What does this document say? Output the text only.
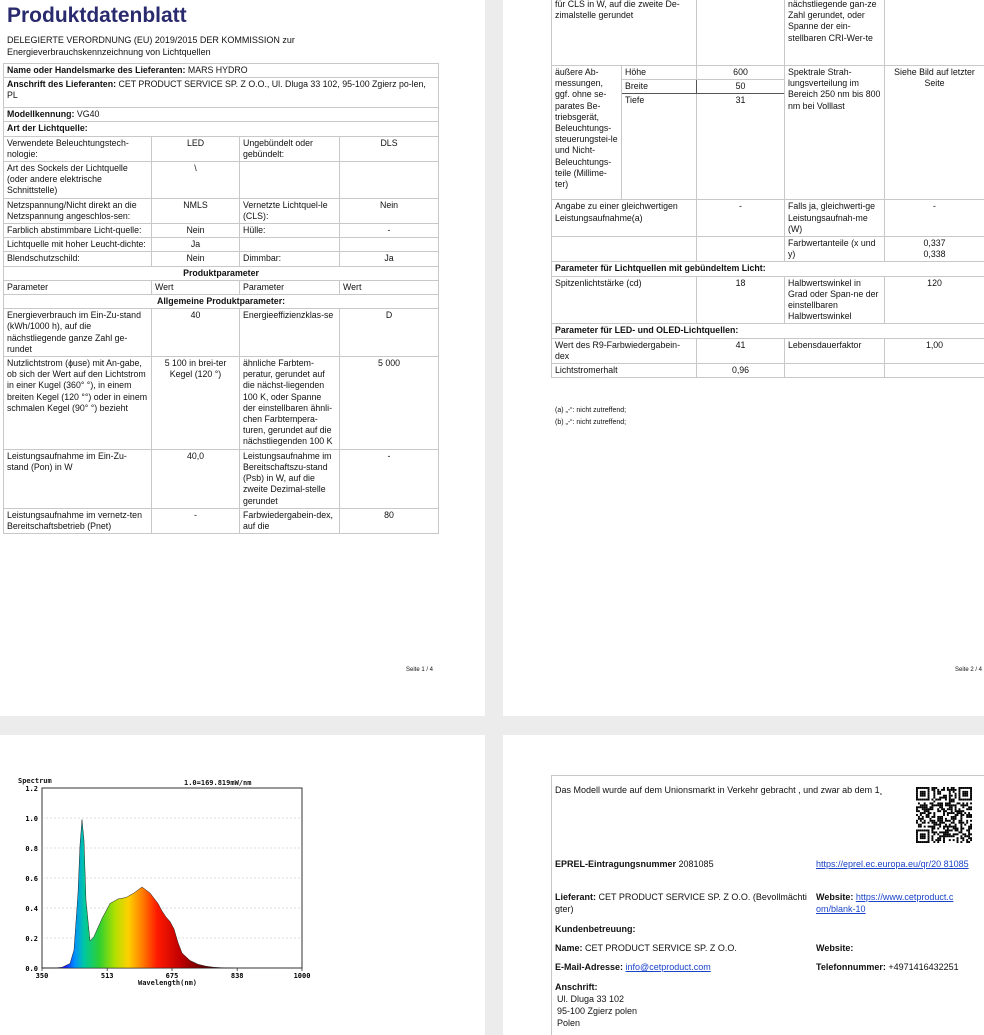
Produktdatenblatt
DELEGIERTE VERORDNUNG (EU) 2019/2015 DER KOMMISSION zur Energieverbrauchskennzeichnung von Lichtquellen
Name oder Handelsmarke des Lieferanten: MARS HYDRO			
Anschrift des Lieferanten: CET PRODUCT SERVICE SP. Z O.O., Ul. Dluga 33 102, 95-100 Zgierz po-len, PL			
Modellkennung: VG40			
Art der Lichtquelle:			
Verwendete Beleuchtungstech-nologie:	LED	Ungebündelt oder gebündelt:	DLS
Art des Sockels der Lichtquelle (oder andere elektrische Schnittstelle)	\		
Netzspannung/Nicht direkt an die Netzspannung angeschlos-sen:	NMLS	Vernetzte Lichtquel-le (CLS):	Nein
Farblich abstimmbare Licht-quelle:	Nein	Hülle:	-
Lichtquelle mit hoher Leucht-dichte:	Ja		
Blendschutzschild:	Nein	Dimmbar:	Ja
Produktparameter			
Parameter	Wert	Parameter	Wert
Allgemeine Produktparameter:			
Energieverbrauch im Ein-Zu-stand (kWh/1000 h), auf die nächstliegende ganze Zahl ge-rundet	40	Energieeffizienzklas-se	D
Nutzlichtstrom (ɸuse) mit An-gabe, ob sich der Wert auf den Lichtstrom in einer Kugel (360° °), in einem breiten Kegel (120 °°) oder in einem schmalen Kegel (90° °) bezieht	5 100 in brei-ter Kegel (120 °)	ähnliche Farbtem-peratur, gerundet auf die nächst-liegenden 100 K, oder Spanne der einstellbaren ähnli-chen Farbtempera-turen, gerundet auf die nächstliegenden 100 K	5 000
Leistungsaufnahme im Ein-Zu-stand (Pon) in W	40,0	Leistungsaufnahme im Bereitschaftszu-stand (Psb) in W, auf die zweite Dezimal-stelle gerundet	-
Leistungsaufnahme im vernetz-ten Bereitschaftsbetrieb (Pnet)	-	Farbwiedergabein-dex, auf die	80
Seite 1 / 4
für CLS in W, auf die zweite De-zimalstelle gerundet			nächstliegende gan-ze Zahl gerundet, oder Spanne der ein-stellbaren CRI-Wer-te	
äußere Ab-messungen, ggf. ohne se-parates Be-triebsgerät, Beleuchtungs-steuerungstei-le und Nicht-Beleuchtungs-teile (Millime-ter)	Höhe	600	Spektrale Strah-lungsverteilung im Bereich 250 nm bis 800 nm bei Volllast	Siehe Bild auf letzter Seite
	Breite	50		
	Tiefe	31		
Angabe zu einer gleichwertigen Leistungsaufnahme(a)		-	Falls ja, gleichwerti-ge Leistungsaufnah-me (W)	-
			Farbwertanteile (x und y)	0,337
0,338
Parameter für Lichtquellen mit gebündeltem Licht:				
Spitzenlichtstärke (cd)		18	Halbwertswinkel in Grad oder Span-ne der einstellbaren Halbwertswinkel	120
Parameter für LED- und OLED-Lichtquellen:				
Wert des R9-Farbwiedergabein-dex		41	Lebensdauerfaktor	1,00
Lichtstromerhalt		0,96		
(a) „-“: nicht zutreffend;
(b) „-“: nicht zutreffend;
Seite 2 / 4
0.0
0.2
0.4
0.6
0.8
1.0
1.2
350	513	675	838	1000
Spectrum	1.0=169.819mW/nm
Wavelength(nm)
Das Modell wurde auf dem Unionsmarkt in Verkehr gebracht , und zwar ab dem 1¸
EPREL-Eintragungsnummer 2081085	https://eprel.ec.europa.eu/qr/20 81085
Lieferant: CET PRODUCT SERVICE SP. Z O.O. (Bevollmächti gter)
Website: https://www.cetproduct.c om/blank-10
Kundenbetreuung:
Name: CET PRODUCT SERVICE SP. Z O.O.	Website:
E-Mail-Adresse: info@cetproduct.com	Telefonnummer: +4971416432251
Anschrift:
Ul. Dluga 33 102
95-100 Zgierz polen
Polen
